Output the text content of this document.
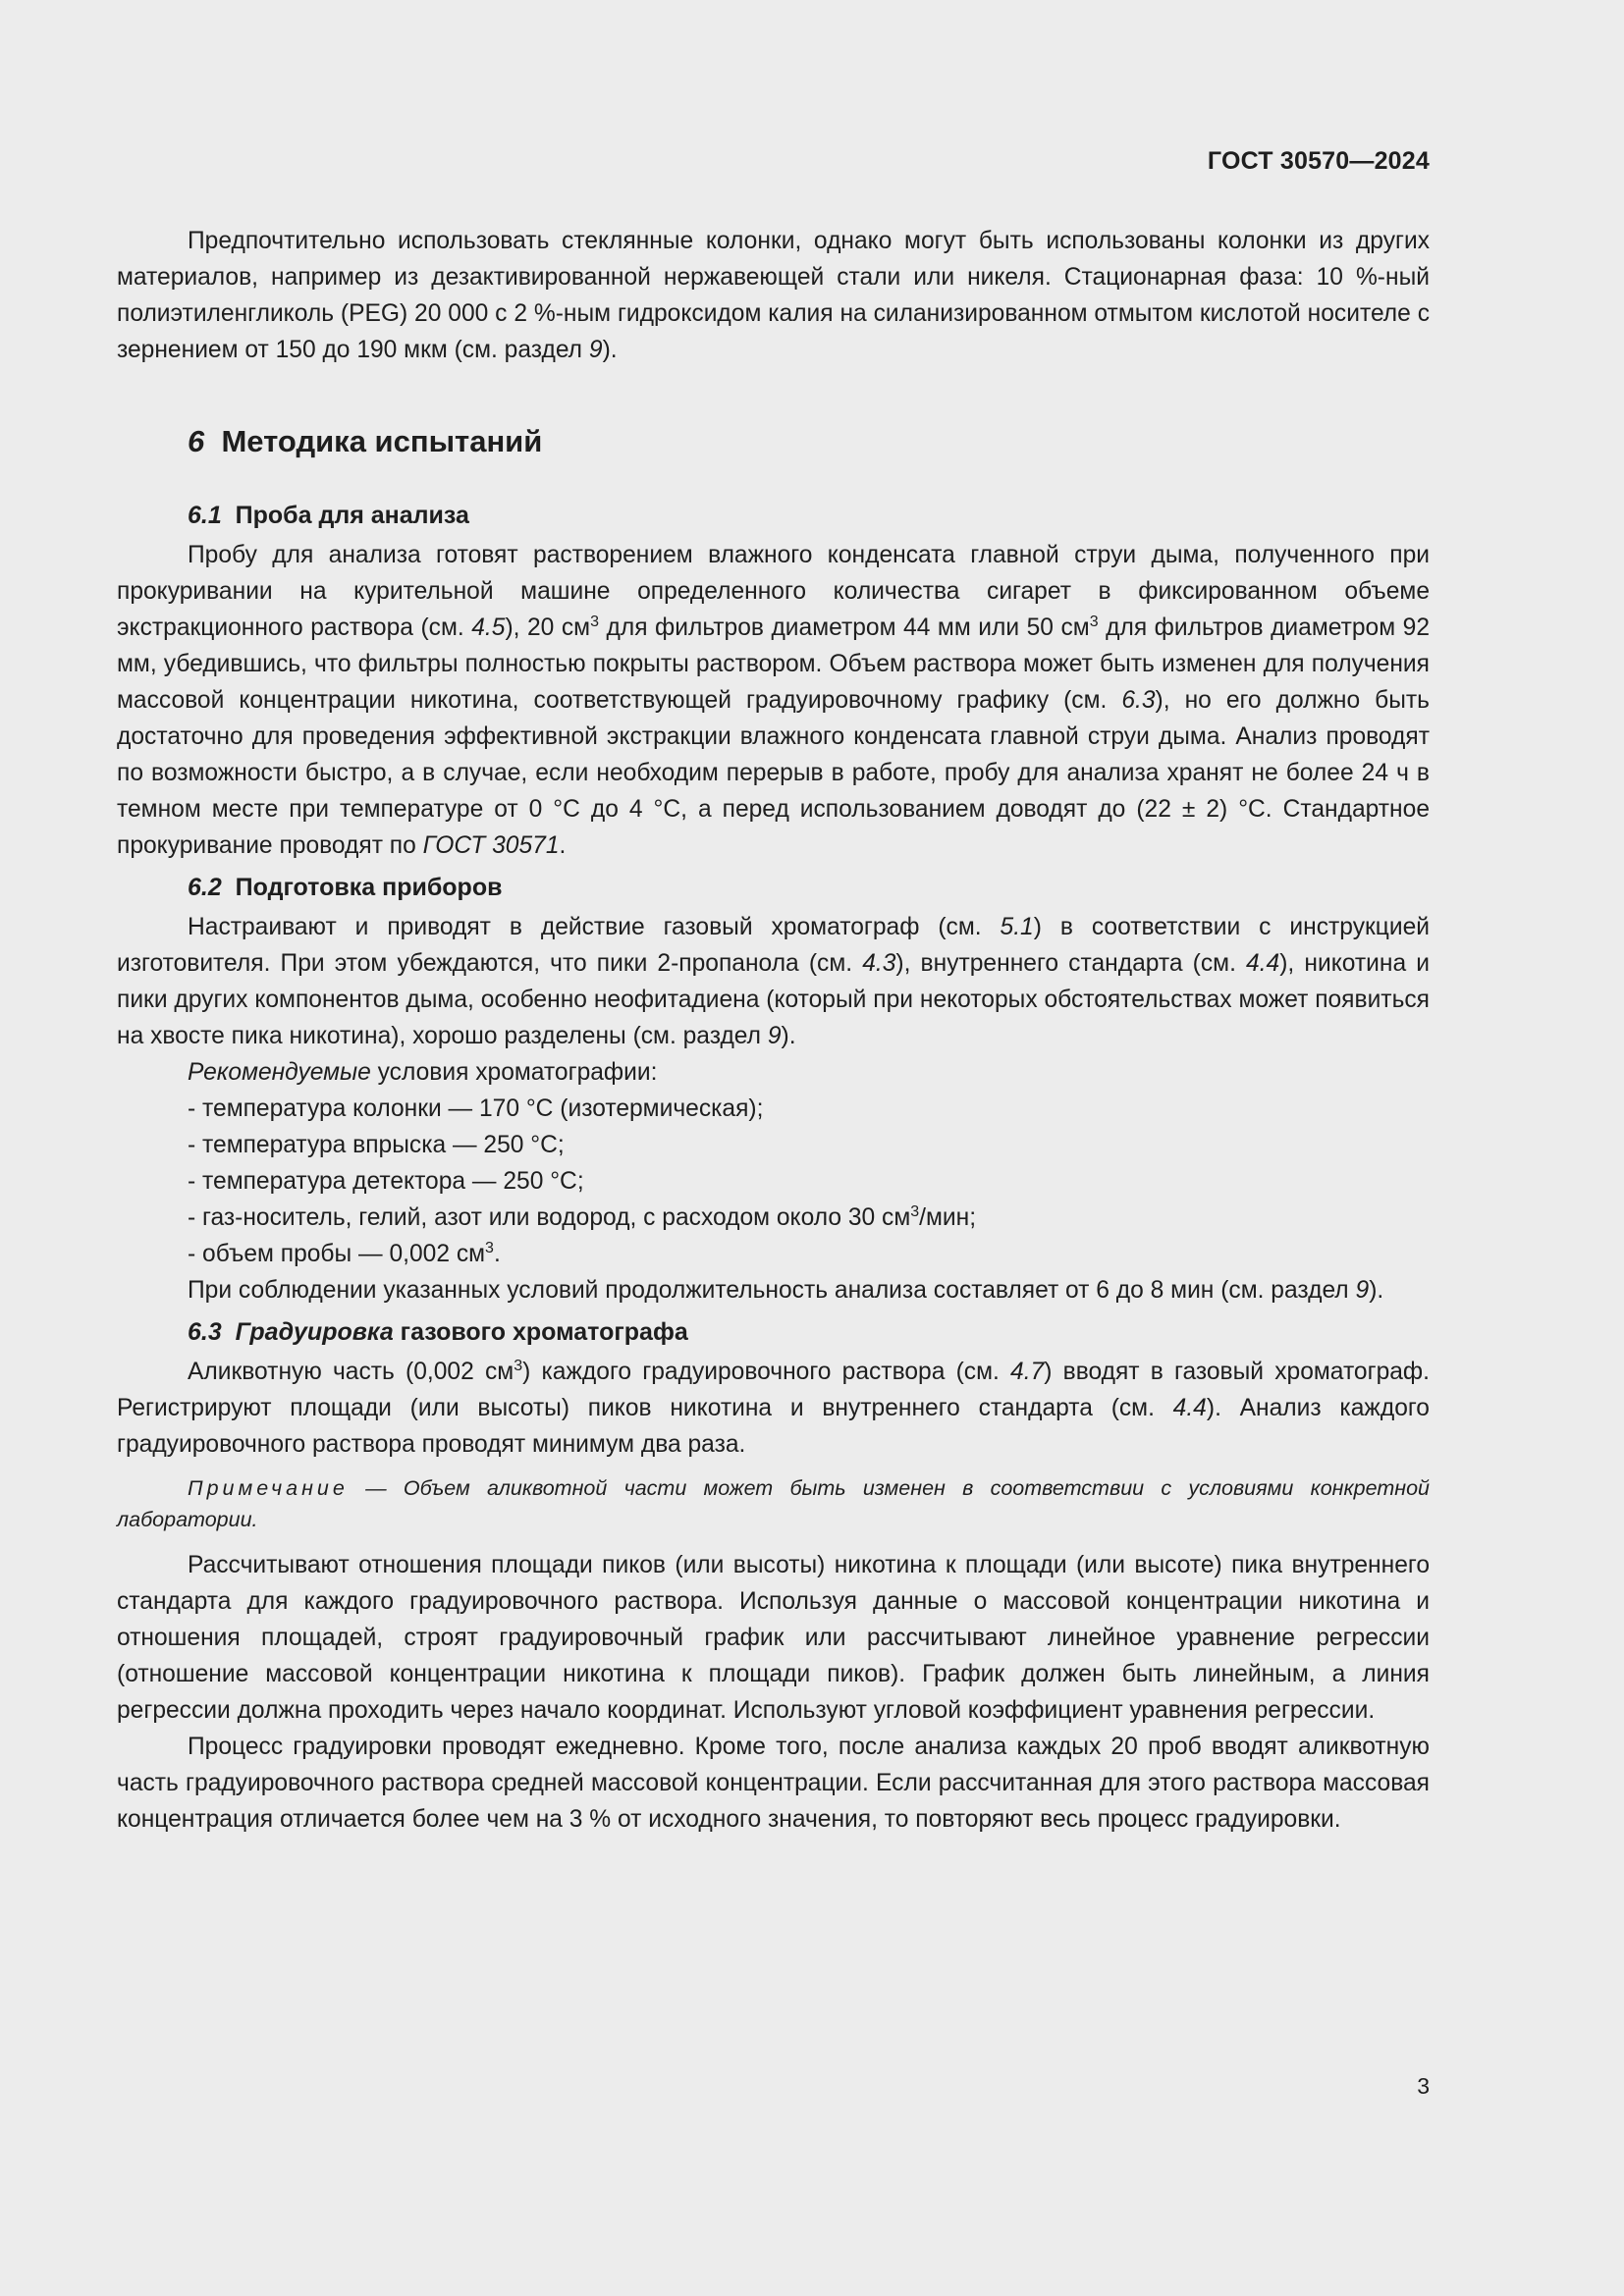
ГОСТ 30570—2024

Предпочтительно использовать стеклянные колонки, однако могут быть использованы колонки из других материалов, например из дезактивированной нержавеющей стали или никеля. Стационарная фаза: 10 %-ный полиэтиленгликоль (PEG) 20 000 с 2 %-ным гидроксидом калия на силанизированном отмытом кислотой носителе с зернением от 150 до 190 мкм (см. раздел 9).

6 Методика испытаний
6.1 Проба для анализа

Пробу для анализа готовят растворением влажного конденсата главной струи дыма, полученного при прокуривании на курительной машине определенного количества сигарет в фиксированном объеме экстракционного раствора (см. 4.5), 20 $см^3$ для фильтров диаметром 44 мм или 50 $см^3$ для фильтров диаметром 92 мм, убедившись, что фильтры полностью покрыты раствором. Объем раствора может быть изменен для получения массовой концентрации никотина, соответствующей градуировочному графику (см. 6.3), но его должно быть достаточно для проведения эффективной экстракции влажного конденсата главной струи дыма. Анализ проводят по возможности быстро, а в случае, если необходим перерыв в работе, пробу для анализа хранят не более 24 ч в темном месте при температуре от 0 °С до 4 °С, а перед использованием доводят до (22 ± 2) °С. Стандартное прокуривание проводят по ГОСТ 30571.

6.2 Подготовка приборов

Настраивают и приводят в действие газовый хроматограф (см. 5.1) в соответствии с инструкцией изготовителя. При этом убеждаются, что пики 2-пропанола (см. 4.3), внутреннего стандарта (см. 4.4), никотина и пики других компонентов дыма, особенно неофитадиена (который при некоторых обстоятельствах может появиться на хвосте пика никотина), хорошо разделены (см. раздел 9).

Рекомендуемые условия хроматографии:

- температура колонки — 170 °С (изотермическая);
- температура впрыска — 250 °С;
- температура детектора — 250 °С;
- газ-носитель, гелий, азот или водород, с расходом около 30 $см^3$/мин;
- объем пробы — 0,002 $см^3$.

При соблюдении указанных условий продолжительность анализа составляет от 6 до 8 мин (см. раздел 9).

6.3 Градуировка газового хроматографа

Аликвотную часть (0,002 $см^3$) каждого градуировочного раствора (см. 4.7) вводят в газовый хроматограф. Регистрируют площади (или высоты) пиков никотина и внутреннего стандарта (см. 4.4). Анализ каждого градуировочного раствора проводят минимум два раза.

Примечание — Объем аликвотной части может быть изменен в соответствии с условиями конкретной лаборатории.

Рассчитывают отношения площади пиков (или высоты) никотина к площади (или высоте) пика внутреннего стандарта для каждого градуировочного раствора. Используя данные о массовой концентрации никотина и отношения площадей, строят градуировочный график или рассчитывают линейное уравнение регрессии (отношение массовой концентрации никотина к площади пиков). График должен быть линейным, а линия регрессии должна проходить через начало координат. Используют угловой коэффициент уравнения регрессии.

Процесс градуировки проводят ежедневно. Кроме того, после анализа каждых 20 проб вводят аликвотную часть градуировочного раствора средней массовой концентрации. Если рассчитанная для этого раствора массовая концентрация отличается более чем на 3 % от исходного значения, то повторяют весь процесс градуировки.

3
